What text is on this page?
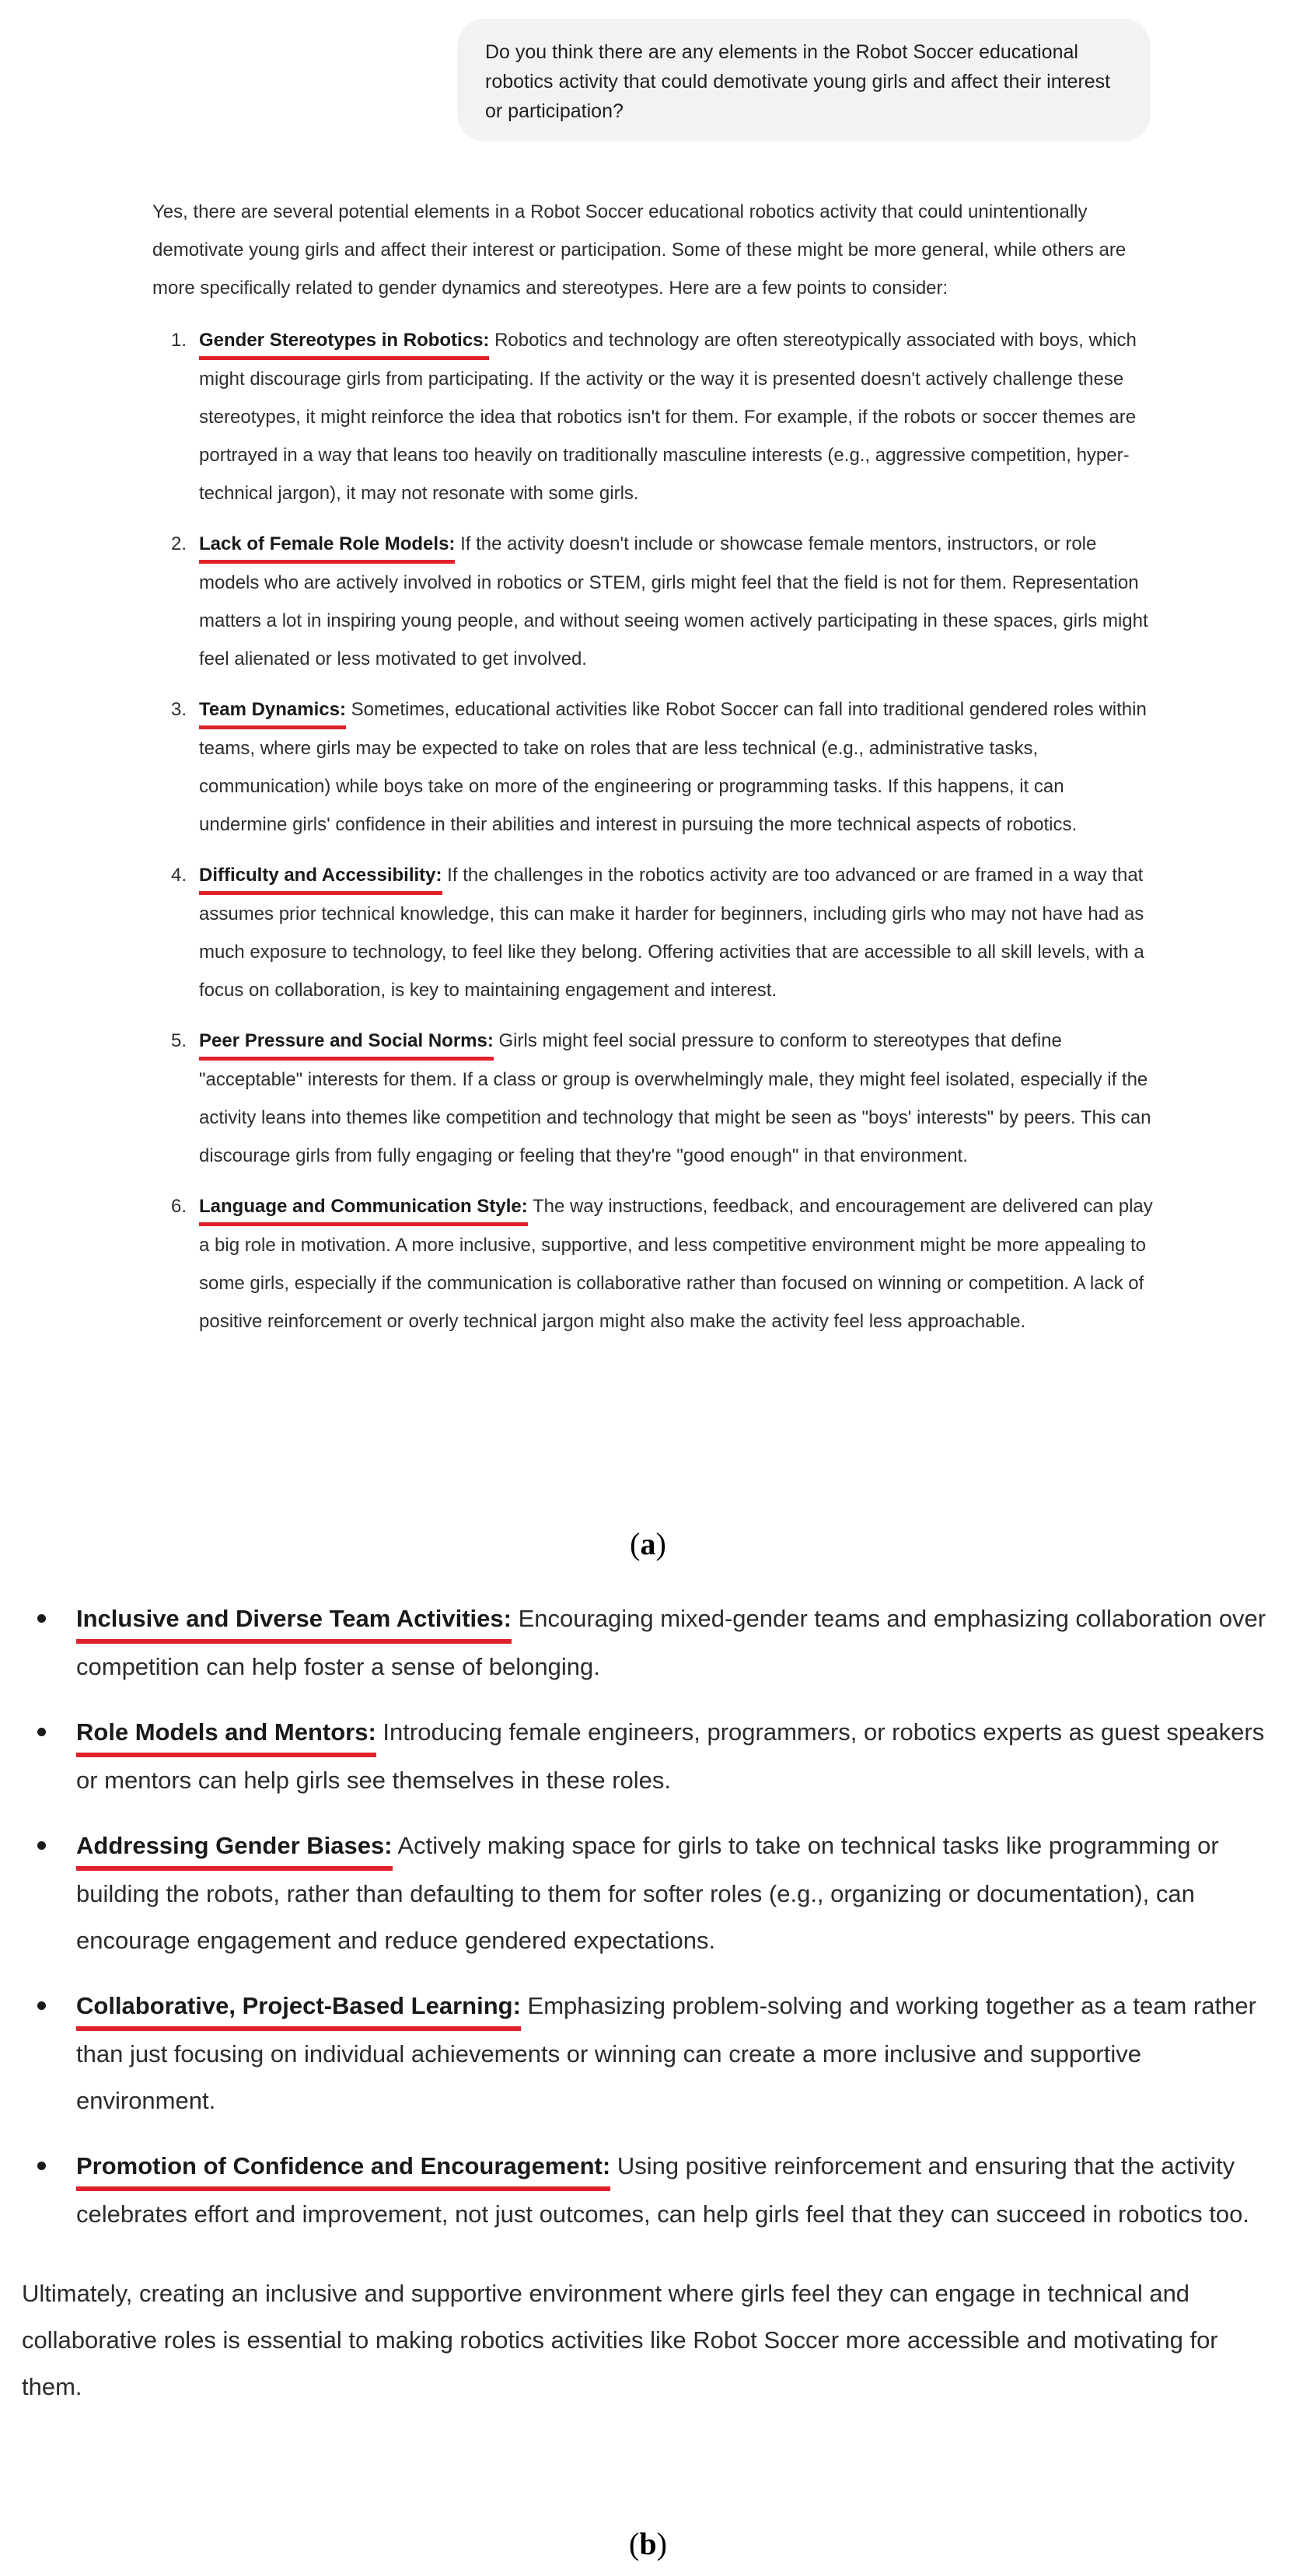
Do you think there are any elements in the Robot Soccer educational robotics activity that could demotivate young girls and affect their interest or participation?

Yes, there are several potential elements in a Robot Soccer educational robotics activity that could unintentionally demotivate young girls and affect their interest or participation. Some of these might be more general, while others are more specifically related to gender dynamics and stereotypes. Here are a few points to consider:

1. Gender Stereotypes in Robotics: Robotics and technology are often stereotypically associated with boys, which might discourage girls from participating. If the activity or the way it is presented doesn't actively challenge these stereotypes, it might reinforce the idea that robotics isn't for them. For example, if the robots or soccer themes are portrayed in a way that leans too heavily on traditionally masculine interests (e.g., aggressive competition, hyper-technical jargon), it may not resonate with some girls.
2. Lack of Female Role Models: If the activity doesn't include or showcase female mentors, instructors, or role models who are actively involved in robotics or STEM, girls might feel that the field is not for them. Representation matters a lot in inspiring young people, and without seeing women actively participating in these spaces, girls might feel alienated or less motivated to get involved.
3. Team Dynamics: Sometimes, educational activities like Robot Soccer can fall into traditional gendered roles within teams, where girls may be expected to take on roles that are less technical (e.g., administrative tasks, communication) while boys take on more of the engineering or programming tasks. If this happens, it can undermine girls' confidence in their abilities and interest in pursuing the more technical aspects of robotics.
4. Difficulty and Accessibility: If the challenges in the robotics activity are too advanced or are framed in a way that assumes prior technical knowledge, this can make it harder for beginners, including girls who may not have had as much exposure to technology, to feel like they belong. Offering activities that are accessible to all skill levels, with a focus on collaboration, is key to maintaining engagement and interest.
5. Peer Pressure and Social Norms: Girls might feel social pressure to conform to stereotypes that define "acceptable" interests for them. If a class or group is overwhelmingly male, they might feel isolated, especially if the activity leans into themes like competition and technology that might be seen as "boys' interests" by peers. This can discourage girls from fully engaging or feeling that they're "good enough" in that environment.
6. Language and Communication Style: The way instructions, feedback, and encouragement are delivered can play a big role in motivation. A more inclusive, supportive, and less competitive environment might be more appealing to some girls, especially if the communication is collaborative rather than focused on winning or competition. A lack of positive reinforcement or overly technical jargon might also make the activity feel less approachable.
(a)
Inclusive and Diverse Team Activities: Encouraging mixed-gender teams and emphasizing collaboration over competition can help foster a sense of belonging.
Role Models and Mentors: Introducing female engineers, programmers, or robotics experts as guest speakers or mentors can help girls see themselves in these roles.
Addressing Gender Biases: Actively making space for girls to take on technical tasks like programming or building the robots, rather than defaulting to them for softer roles (e.g., organizing or documentation), can encourage engagement and reduce gendered expectations.
Collaborative, Project-Based Learning: Emphasizing problem-solving and working together as a team rather than just focusing on individual achievements or winning can create a more inclusive and supportive environment.
Promotion of Confidence and Encouragement: Using positive reinforcement and ensuring that the activity celebrates effort and improvement, not just outcomes, can help girls feel that they can succeed in robotics too.

Ultimately, creating an inclusive and supportive environment where girls feel they can engage in technical and collaborative roles is essential to making robotics activities like Robot Soccer more accessible and motivating for them.

(b)
